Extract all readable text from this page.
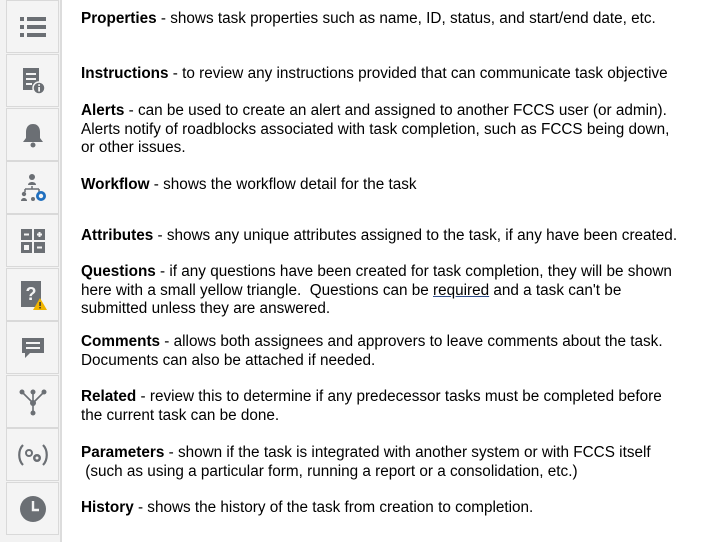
?
Properties - shows task properties such as name, ID, status, and start/end date, etc.
Instructions - to review any instructions provided that can communicate task objective
Alerts - can be used to create an alert and assigned to another FCCS user (or admin).
Alerts notify of roadblocks associated with task completion, such as FCCS being down,
or other issues.
Workflow - shows the workflow detail for the task
Attributes - shows any unique attributes assigned to the task, if any have been created.
Questions - if any questions have been created for task completion, they will be shown
here with a small yellow triangle.  Questions can be required and a task can't be
submitted unless they are answered.
Comments - allows both assignees and approvers to leave comments about the task.
Documents can also be attached if needed.
Related - review this to determine if any predecessor tasks must be completed before
the current task can be done.
Parameters - shown if the task is integrated with another system or with FCCS itself
(such as using a particular form, running a report or a consolidation, etc.)
History - shows the history of the task from creation to completion.
